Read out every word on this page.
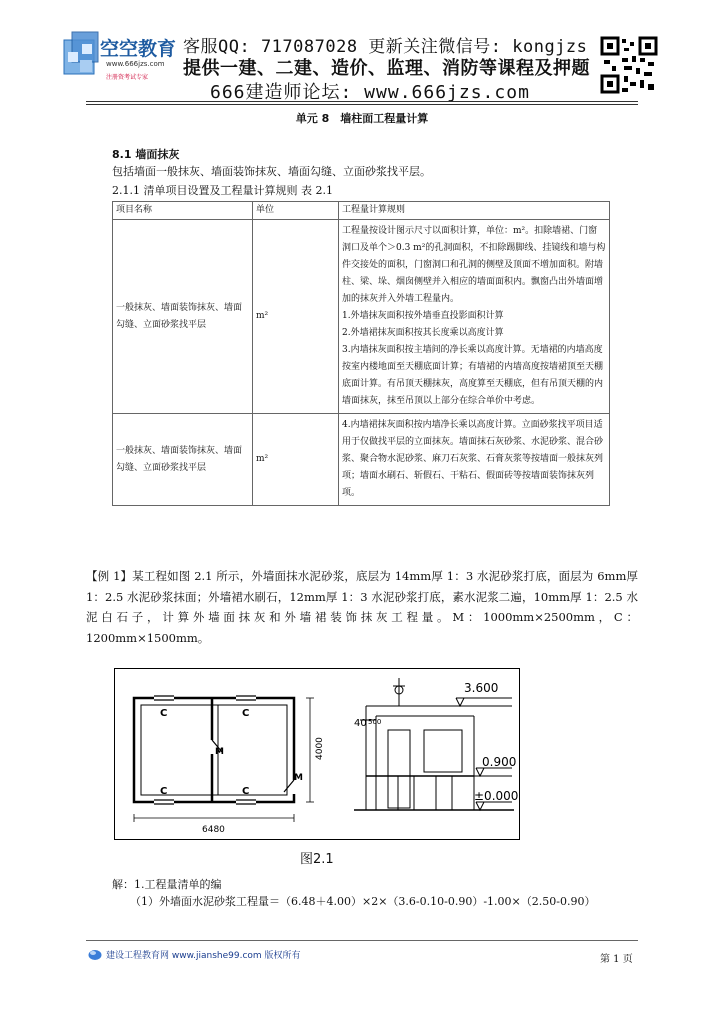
空空教育
www.666jzs.com
注册资考试专家
客服QQ: 717087028 更新关注微信号: kongjzs
提供一建、二建、造价、监理、消防等课程及押题
666建造师论坛: www.666jzs.com
单元 8　墙柱面工程量计算
8.1 墙面抹灰
包括墙面一般抹灰、墙面装饰抹灰、墙面勾缝、立面砂浆找平层。
2.1.1 清单项目设置及工程量计算规则 表 2.1
项目名称	单位	工程量计算规则
一般抹灰、墙面装饰抹灰、墙面勾缝、立面砂浆找平层	m²	工程量按设计图示尺寸以面积计算，单位：m²。扣除墙裙、门窗洞口及单个＞0.3 m²的孔洞面积，不扣除踢脚线、挂镜线和墙与构件交接处的面积，门窗洞口和孔洞的侧壁及顶面不增加面积。附墙柱、梁、垛、烟囱侧壁并入相应的墙面面积内。飘窗凸出外墙面增加的抹灰并入外墙工程量内。
1.外墙抹灰面积按外墙垂直投影面积计算
2.外墙裙抹灰面积按其长度乘以高度计算
3.内墙抹灰面积按主墙间的净长乘以高度计算。无墙裙的内墙高度按室内楼地面至天棚底面计算；有墙裙的内墙高度按墙裙顶至天棚底面计算。有吊顶天棚抹灰，高度算至天棚底，但有吊顶天棚的内墙面抹灰，抹至吊顶以上部分在综合单价中考虑。

一般抹灰、墙面装饰抹灰、墙面勾缝、立面砂浆找平层	m²	4.内墙裙抹灰面积按内墙净长乘以高度计算。立面砂浆找平项目适用于仅做找平层的立面抹灰。墙面抹石灰砂浆、水泥砂浆、混合砂浆、聚合物水泥砂浆、麻刀石灰浆、石膏灰浆等按墙面一般抹灰列项；墙面水刷石、斩假石、干粘石、假面砖等按墙面装饰抹灰列项。
【例 1】某工程如图 2.1 所示，外墙面抹水泥砂浆，底层为 14mm厚 1：3 水泥砂浆打底，面层为 6mm厚 1：2.5 水泥砂浆抹面；外墙裙水刷石，12mm厚 1：3 水泥砂浆打底，素水泥浆二遍，10mm厚 1：2.5 水泥白石子，计算外墙面抹灰和外墙裙装饰抹灰工程量。M：1000mm×2500mm，C：1200mm×1500mm。
C	C
C	C
M
M
6480
4000
3.600
0.900
±0.000
40 500
图2.1
解：1.工程量清单的编
（1）外墙面水泥砂浆工程量＝（6.48＋4.00）×2×（3.6-0.10-0.90）-1.00×（2.50-0.90）
建设工程教育网 www.jianshe99.com 版权所有	第 1 页
